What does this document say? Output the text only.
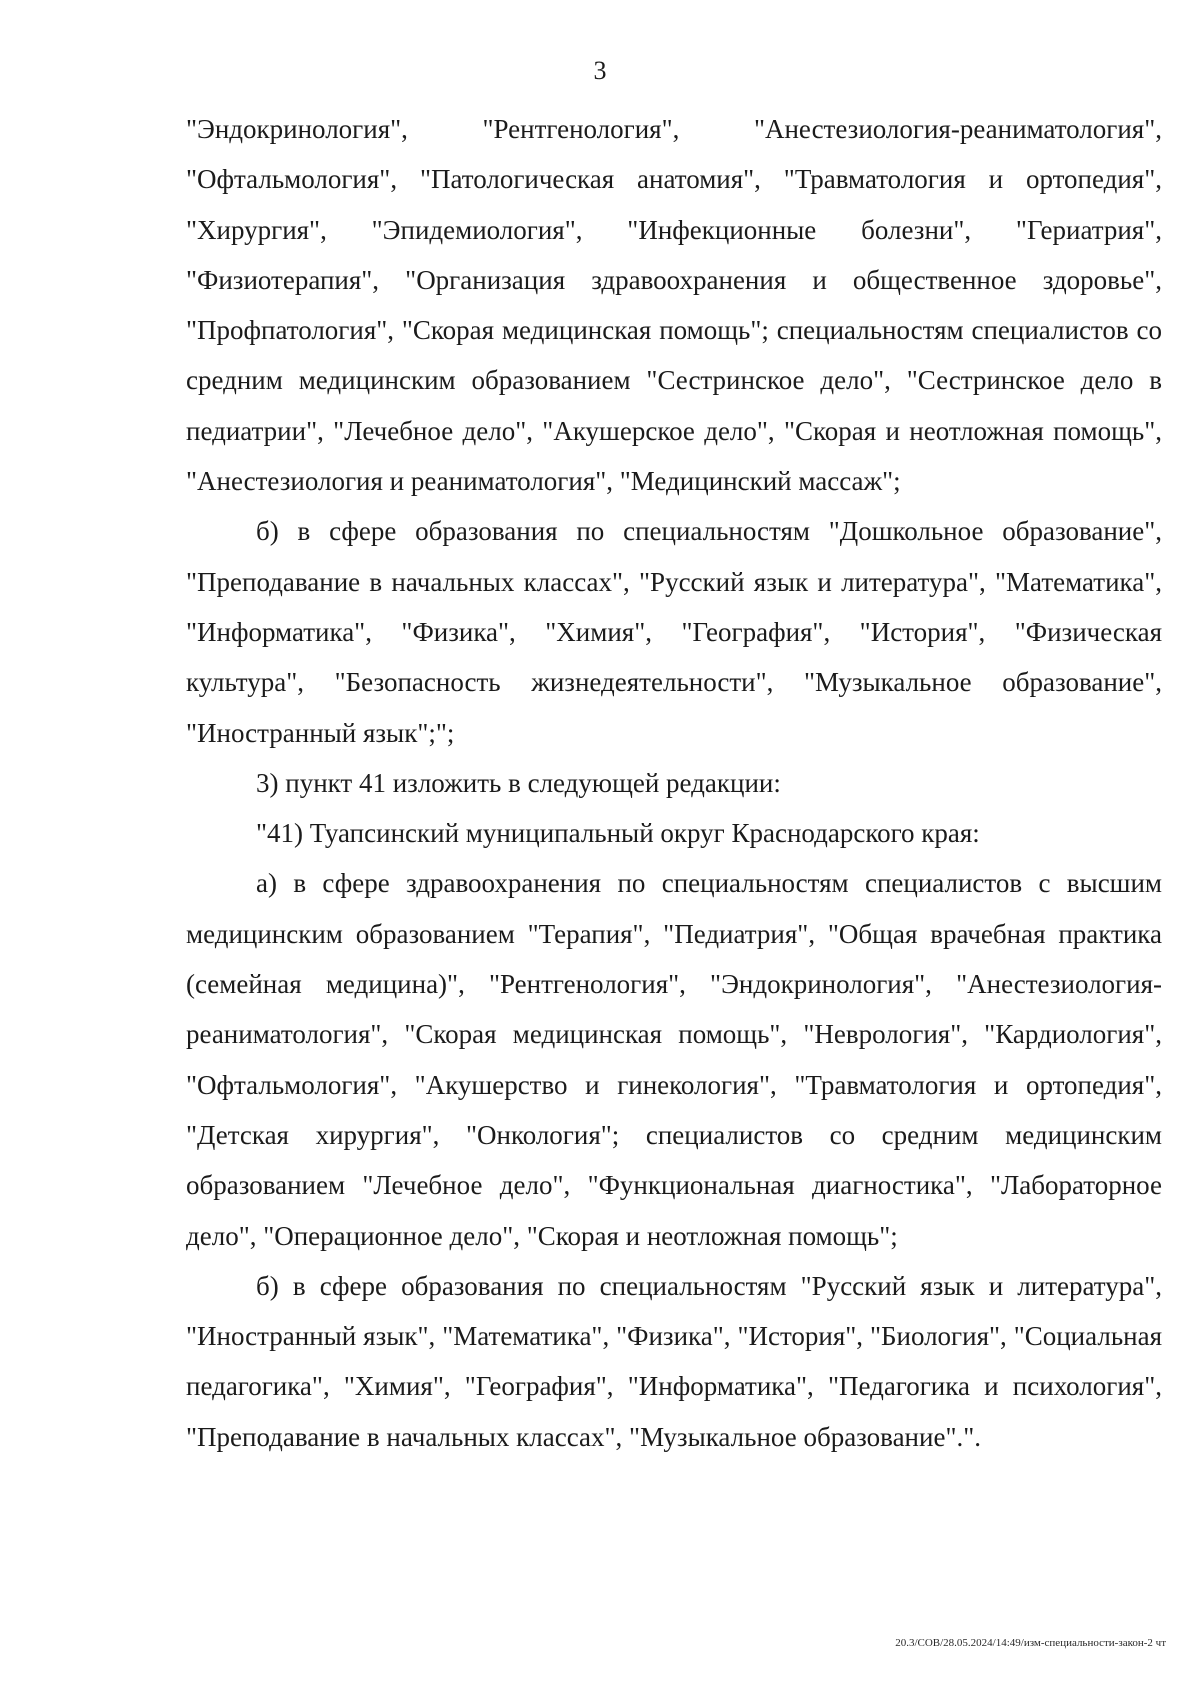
3

"Эндокринология", "Рентгенология", "Анестезиология-реаниматология", "Офтальмология", "Патологическая анатомия", "Травматология и ортопедия", "Хирургия", "Эпидемиология", "Инфекционные болезни", "Гериатрия", "Физиотерапия", "Организация здравоохранения и общественное здоровье", "Профпатология", "Скорая медицинская помощь"; специальностям специалистов со средним медицинским образованием "Сестринское дело", "Сестринское дело в педиатрии", "Лечебное дело", "Акушерское дело", "Скорая и неотложная помощь", "Анестезиология и реаниматология", "Медицинский массаж";

б) в сфере образования по специальностям "Дошкольное образование", "Преподавание в начальных классах", "Русский язык и литература", "Математика", "Информатика", "Физика", "Химия", "География", "История", "Физическая культура", "Безопасность жизнедеятельности", "Музыкальное образование", "Иностранный язык";";

3) пункт 41 изложить в следующей редакции:

"41) Туапсинский муниципальный округ Краснодарского края:

а) в сфере здравоохранения по специальностям специалистов с высшим медицинским образованием "Терапия", "Педиатрия", "Общая врачебная практика (семейная медицина)", "Рентгенология", "Эндокринология", "Анестезиология-реаниматология", "Скорая медицинская помощь", "Неврология", "Кардиология", "Офтальмология", "Акушерство и гинекология", "Травматология и ортопедия", "Детская хирургия", "Онкология"; специалистов со средним медицинским образованием "Лечебное дело", "Функциональная диагностика", "Лабораторное дело", "Операционное дело", "Скорая и неотложная помощь";

б) в сфере образования по специальностям "Русский язык и литература", "Иностранный язык", "Математика", "Физика", "История", "Биология", "Социальная педагогика", "Химия", "География", "Информатика", "Педагогика и психология", "Преподавание в начальных классах", "Музыкальное образование".".

20.3/СОВ/28.05.2024/14:49/изм-специальности-закон-2 чт
